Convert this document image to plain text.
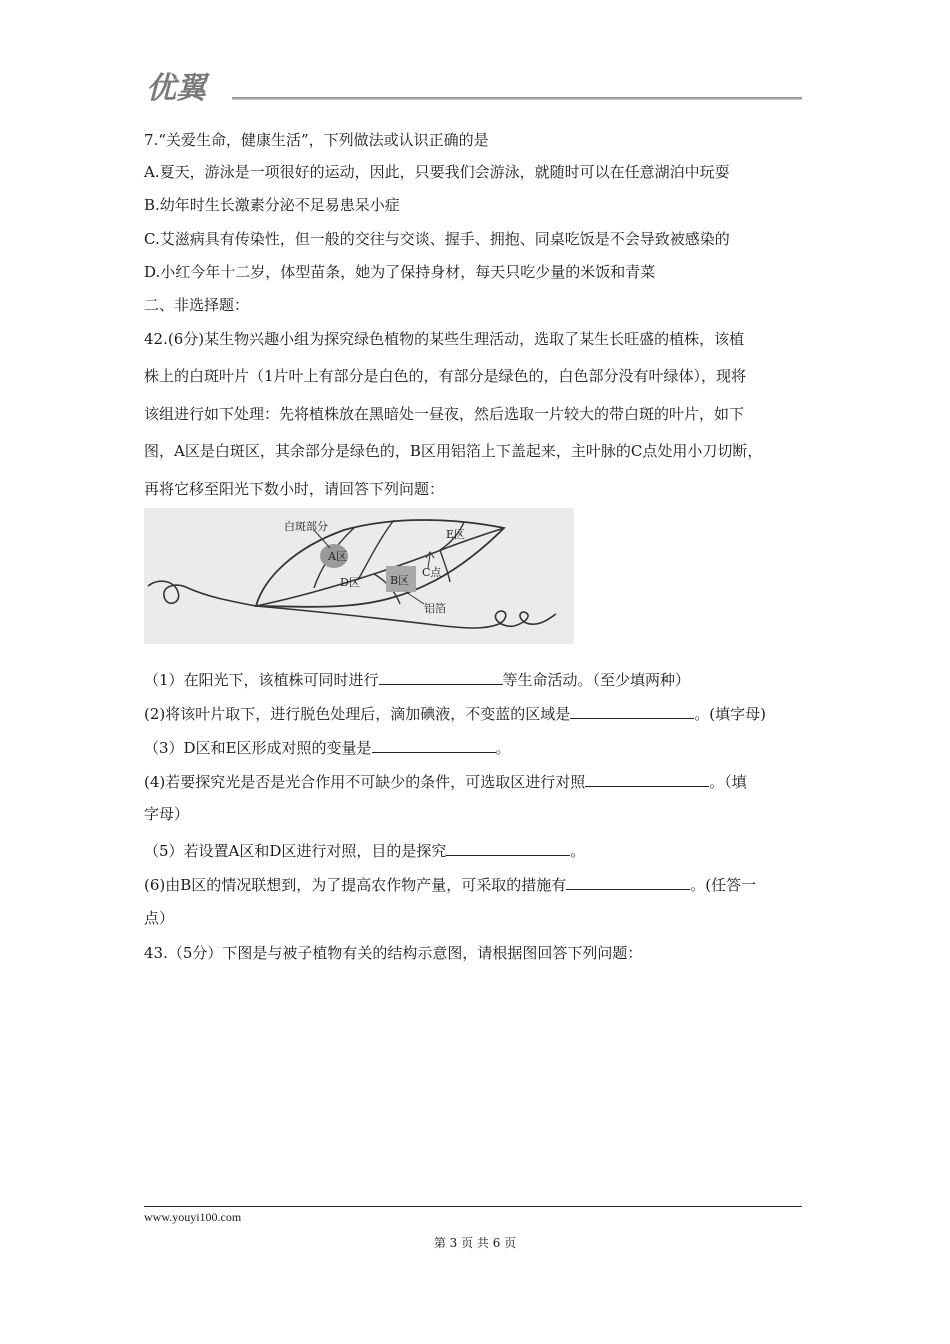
优翼
7.“关爱生命，健康生活”，下列做法或认识正确的是
A.夏天，游泳是一项很好的运动，因此，只要我们会游泳，就随时可以在任意湖泊中玩耍
B.幼年时生长激素分泌不足易患呆小症
C.艾滋病具有传染性，但一般的交往与交谈、握手、拥抱、同桌吃饭是不会导致被感染的
D.小红今年十二岁，体型苗条，她为了保持身材，每天只吃少量的米饭和青菜
二、非选择题：
42.(6分)某生物兴趣小组为探究绿色植物的某些生理活动，选取了某生长旺盛的植株，该植
株上的白斑叶片（1片叶上有部分是白色的，有部分是绿色的，白色部分没有叶绿体），现将
该组进行如下处理：先将植株放在黑暗处一昼夜，然后选取一片较大的带白斑的叶片，如下
图，A区是白斑区，其余部分是绿色的，B区用铝箔上下盖起来，主叶脉的C点处用小刀切断，
再将它移至阳光下数小时，请回答下列问题：
（1）在阳光下，该植株可同时进行	等生命活动。（至少填两种）
(2)将该叶片取下，进行脱色处理后，滴加碘液，不变蓝的区域是	。(填字母)
（3）D区和E区形成对照的变量是	。
(4)若要探究光是否是光合作用不可缺少的条件，可选取区进行对照	。（填
字母）
（5）若设置A区和D区进行对照，目的是探究	。
(6)由B区的情况联想到，为了提高农作物产量，可采取的措施有	。(任答一
点）
43.（5分）下图是与被子植物有关的结构示意图，请根据图回答下列问题：
白斑部分
A区
E区
C点
D区	B区
铝箔
www.youyi100.com
第 3 页 共 6 页
